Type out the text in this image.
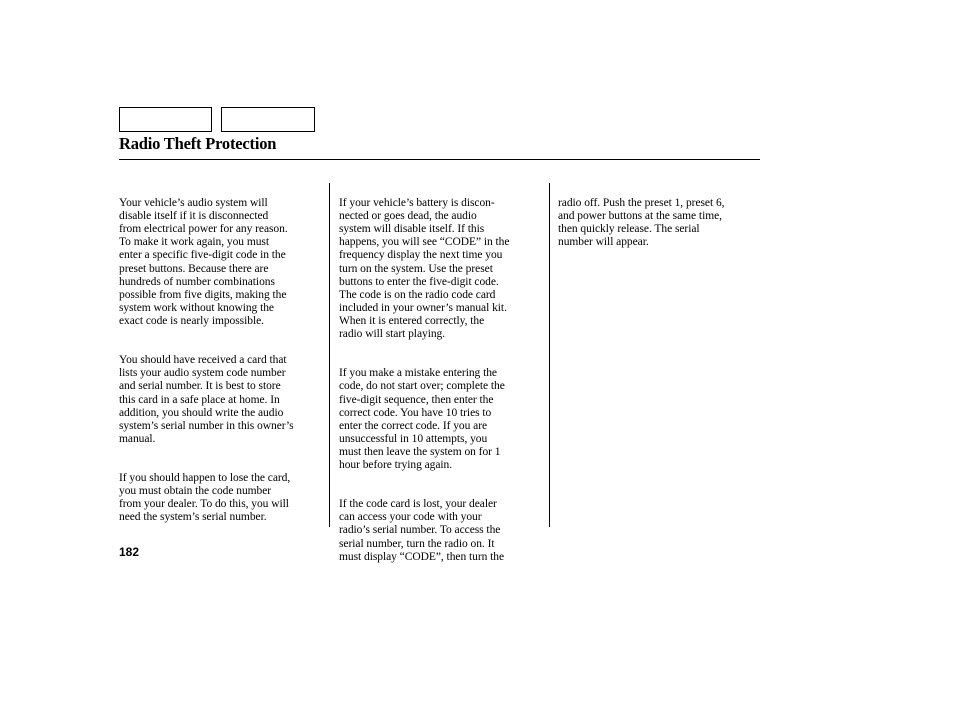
Radio Theft Protection

Your vehicle’s audio system will
disable itself if it is disconnected
from electrical power for any reason.
To make it work again, you must
enter a specific five-digit code in the
preset buttons. Because there are
hundreds of number combinations
possible from five digits, making the
system work without knowing the
exact code is nearly impossible.

You should have received a card that
lists your audio system code number
and serial number. It is best to store
this card in a safe place at home. In
addition, you should write the audio
system’s serial number in this owner’s
manual.

If you should happen to lose the card,
you must obtain the code number
from your dealer. To do this, you will
need the system’s serial number.

If your vehicle’s battery is discon-
nected or goes dead, the audio
system will disable itself. If this
happens, you will see “CODE” in the
frequency display the next time you
turn on the system. Use the preset
buttons to enter the five-digit code.
The code is on the radio code card
included in your owner’s manual kit.
When it is entered correctly, the
radio will start playing.

If you make a mistake entering the
code, do not start over; complete the
five-digit sequence, then enter the
correct code. You have 10 tries to
enter the correct code. If you are
unsuccessful in 10 attempts, you
must then leave the system on for 1
hour before trying again.

If the code card is lost, your dealer
can access your code with your
radio’s serial number. To access the
serial number, turn the radio on. It
must display “CODE”, then turn the

radio off. Push the preset 1, preset 6,
and power buttons at the same time,
then quickly release. The serial
number will appear.

182
